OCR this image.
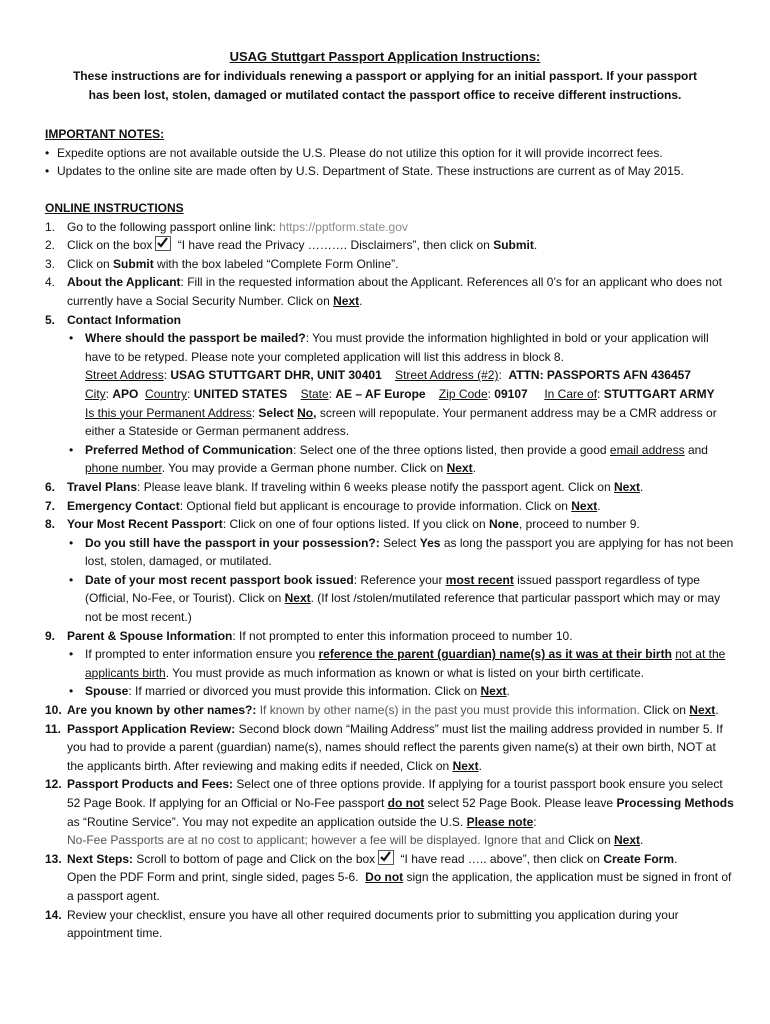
USAG Stuttgart Passport Application Instructions:
These instructions are for individuals renewing a passport or applying for an initial passport. If your passport has been lost, stolen, damaged or mutilated contact the passport office to receive different instructions.
IMPORTANT NOTES:
• Expedite options are not available outside the U.S. Please do not utilize this option for it will provide incorrect fees.
• Updates to the online site are made often by U.S. Department of State. These instructions are current as of May 2015.
ONLINE INSTRUCTIONS
1. Go to the following passport online link: https://pptform.state.gov
2. Click on the box “I have read the Privacy ………. Disclaimers”, then click on Submit.
3. Click on Submit with the box labeled “Complete Form Online”.
4. About the Applicant: Fill in the requested information about the Applicant. References all 0’s for an applicant who does not currently have a Social Security Number. Click on Next.
5. Contact Information
• Where should the passport be mailed?: You must provide the information highlighted in bold or your application will have to be retyped. Please note your completed application will list this address in block 8.
Street Address: USAG STUTTGART DHR, UNIT 30401 Street Address (#2):  ATTN: PASSPORTS AFN 436457
City: APO Country: UNITED STATES State: AE – AF Europe Zip Code: 09107 In Care of: STUTTGART ARMY
Is this your Permanent Address: Select No, screen will repopulate. Your permanent address may be a CMR address or either a Stateside or German permanent address.
• Preferred Method of Communication: Select one of the three options listed, then provide a good email address and phone number. You may provide a German phone number. Click on Next.
6. Travel Plans: Please leave blank. If traveling within 6 weeks please notify the passport agent. Click on Next.
7. Emergency Contact: Optional field but applicant is encourage to provide information. Click on Next.
8. Your Most Recent Passport: Click on one of four options listed. If you click on None, proceed to number 9.
• Do you still have the passport in your possession?: Select Yes as long the passport you are applying for has not been lost, stolen, damaged, or mutilated.
• Date of your most recent passport book issued: Reference your most recent issued passport regardless of type (Official, No-Fee, or Tourist). Click on Next. (If lost /stolen/mutilated reference that particular passport which may or may not be most recent.)
9. Parent & Spouse Information: If not prompted to enter this information proceed to number 10.
• If prompted to enter information ensure you reference the parent (guardian) name(s) as it was at their birth not at the applicants birth. You must provide as much information as known or what is listed on your birth certificate.
• Spouse: If married or divorced you must provide this information. Click on Next.
10. Are you known by other names?: If known by other name(s) in the past you must provide this information. Click on Next.
11. Passport Application Review: Second block down “Mailing Address” must list the mailing address provided in number 5. If you had to provide a parent (guardian) name(s), names should reflect the parents given name(s) at their own birth, NOT at the applicants birth. After reviewing and making edits if needed, Click on Next.
12. Passport Products and Fees: Select one of three options provide. If applying for a tourist passport book ensure you select 52 Page Book. If applying for an Official or No-Fee passport do not select 52 Page Book. Please leave Processing Methods as “Routine Service”. You may not expedite an application outside the U.S. Please note:
No-Fee Passports are at no cost to applicant; however a fee will be displayed. Ignore that and Click on Next.
13. Next Steps: Scroll to bottom of page and Click on the box “I have read ….. above”, then click on Create Form.
Open the PDF Form and print, single sided, pages 5-6. Do not sign the application, the application must be signed in front of a passport agent.
14. Review your checklist, ensure you have all other required documents prior to submitting you application during your appointment time.
